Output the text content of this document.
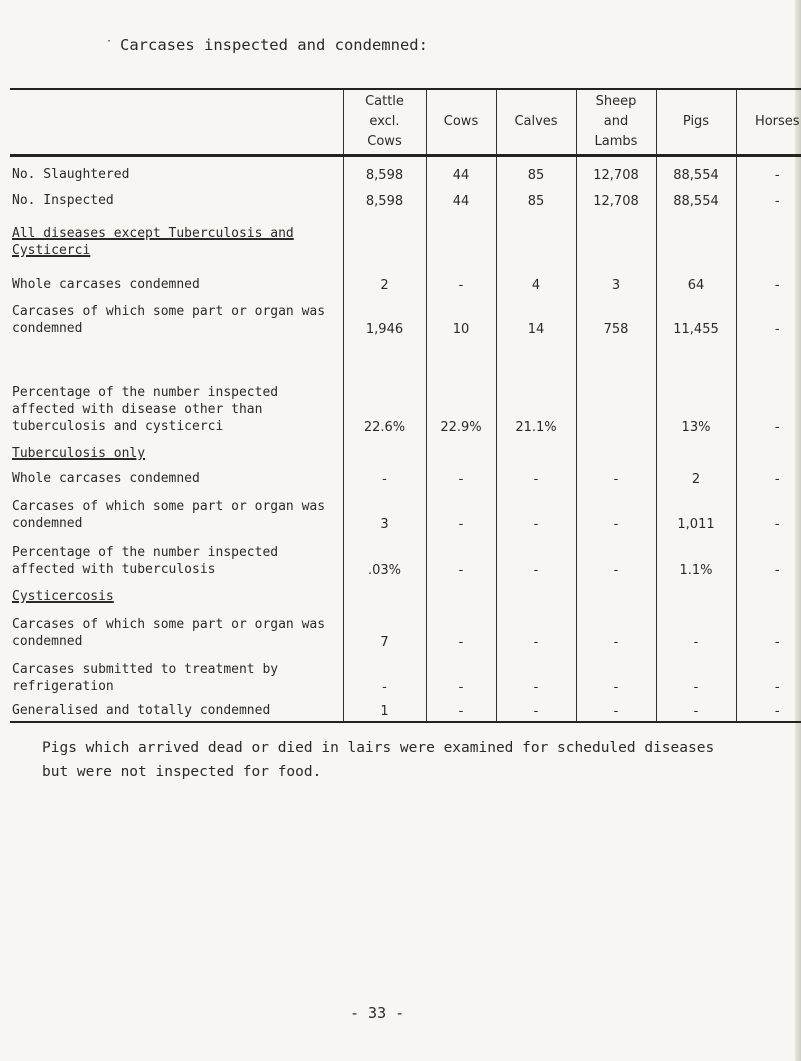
· Carcases inspected and condemned:
	Cattle
excl.
Cows	Cows	Calves	Sheep
and
Lambs	Pigs	Horses
No. Slaughtered	8,598	44	85	12,708	88,554	-
No. Inspected	8,598	44	85	12,708	88,554	-
All diseases except Tuberculosis and Cysticerci						
Whole carcases condemned	2	-	4	3	64	-
Carcases of which some part or organ was condemned	1,946	10	14	758	11,455	-
Percentage of the number inspected affected with disease other than tuberculosis and cysticerci	22.6%	22.9%	21.1%		13%	-
Tuberculosis only						
Whole carcases condemned	-	-	-	-	2	-
Carcases of which some part or organ was condemned	3	-	-	-	1,011	-
Percentage of the number inspected affected with tuberculosis	.03%	-	-	-	1.1%	-
Cysticercosis						
Carcases of which some part or organ was condemned	7	-	-	-	-	-
Carcases submitted to treatment by refrigeration	-	-	-	-	-	-
Generalised and totally condemned	1	-	-	-	-	-

Pigs which arrived dead or died in lairs were examined for scheduled diseases

but were not inspected for food.

- 33 -
